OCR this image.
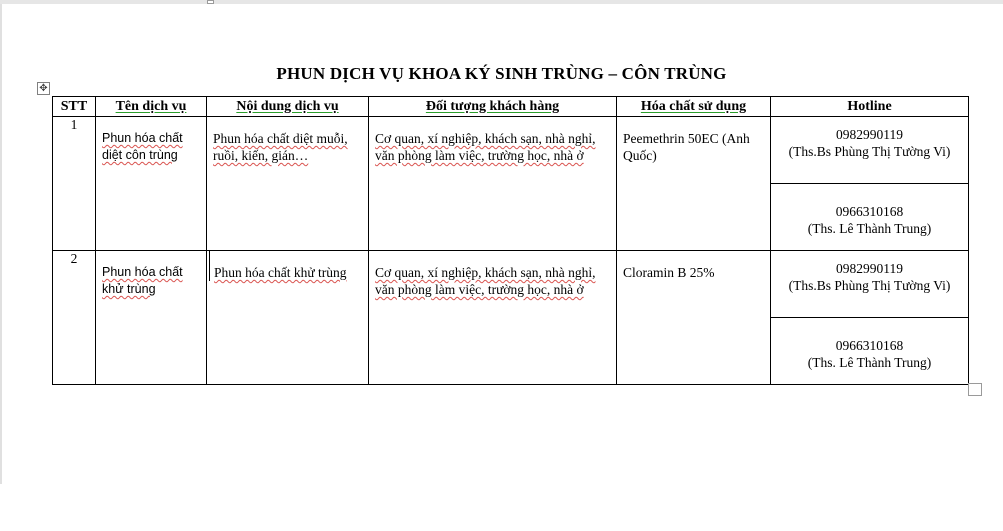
PHUN DỊCH VỤ KHOA KÝ SINH TRÙNG – CÔN TRÙNG
✥
STT	Tên dịch vụ	Nội dung dịch vụ	Đối tượng khách hàng	Hóa chất sử dụng	Hotline
1	Phun hóa chất diệt côn trùng	Phun hóa chất diệt muỗi, ruồi, kiến, gián…	Cơ quan, xí nghiệp, khách sạn, nhà nghỉ, văn phòng làm việc, trường học, nhà ở	Peemethrin 50EC (Anh Quốc)	0982990119
(Ths.Bs Phùng Thị Tường Vi)

					0966310168
(Ths. Lê Thành Trung)

2	Phun hóa chất khử trùng	Phun hóa chất khử trùng	Cơ quan, xí nghiệp, khách sạn, nhà nghỉ, văn phòng làm việc, trường học, nhà ở	Cloramin B 25%	0982990119
(Ths.Bs Phùng Thị Tường Vi)

					0966310168
(Ths. Lê Thành Trung)
